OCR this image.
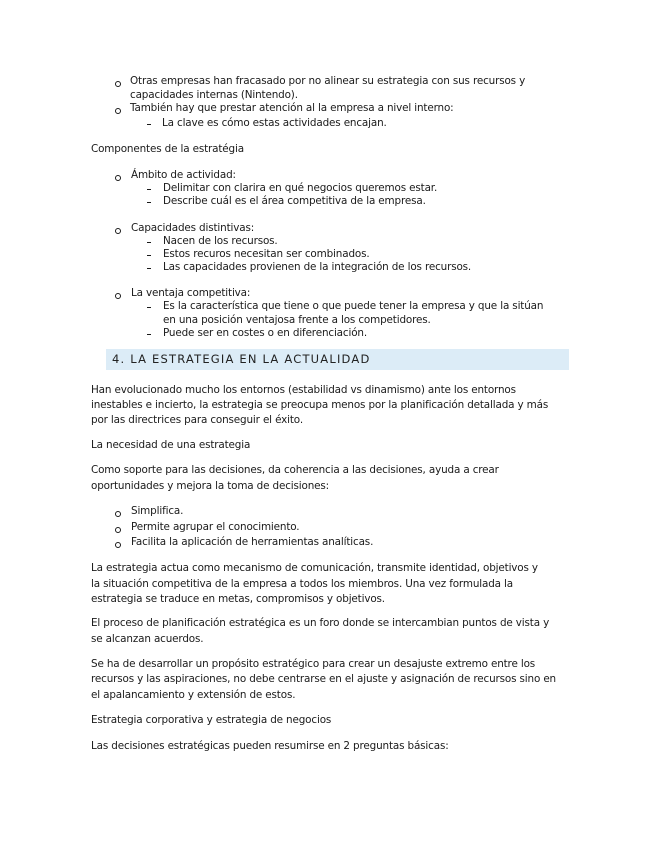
Otras empresas han fracasado por no alinear su estrategia con sus recursos y
capacidades internas (Nintendo).
También hay que prestar atención al la empresa a nivel interno:
La clave es cómo estas actividades encajan.
Componentes de la estratégia
Ámbito de actividad:
Delimitar con clarira en qué negocios queremos estar.
Describe cuál es el área competitiva de la empresa.
Capacidades distintivas:
Nacen de los recursos.
Estos recuros necesitan ser combinados.
Las capacidades provienen de la integración de los recursos.
La ventaja competitiva:
Es la característica que tiene o que puede tener la empresa y que la sitúan
en una posición ventajosa frente a los competidores.
Puede ser en costes o en diferenciación.
4. LA ESTRATEGIA EN LA ACTUALIDAD
Han evolucionado mucho los entornos (estabilidad vs dinamismo) ante los entornos
inestables e incierto, la estrategia se preocupa menos por la planificación detallada y más
por las directrices para conseguir el éxito.
La necesidad de una estrategia
Como soporte para las decisiones, da coherencia a las decisiones, ayuda a crear
oportunidades y mejora la toma de decisiones:
Simplifica.
Permite agrupar el conocimiento.
Facilita la aplicación de herramientas analíticas.
La estrategia actua como mecanismo de comunicación, transmite identidad, objetivos y
la situación competitiva de la empresa a todos los miembros. Una vez formulada la
estrategia se traduce en metas, compromisos y objetivos.
El proceso de planificación estratégica es un foro donde se intercambian puntos de vista y
se alcanzan acuerdos.
Se ha de desarrollar un propósito estratégico para crear un desajuste extremo entre los
recursos y las aspiraciones, no debe centrarse en el ajuste y asignación de recursos sino en
el apalancamiento y extensión de estos.
Estrategia corporativa y estrategia de negocios
Las decisiones estratégicas pueden resumirse en 2 preguntas básicas:
